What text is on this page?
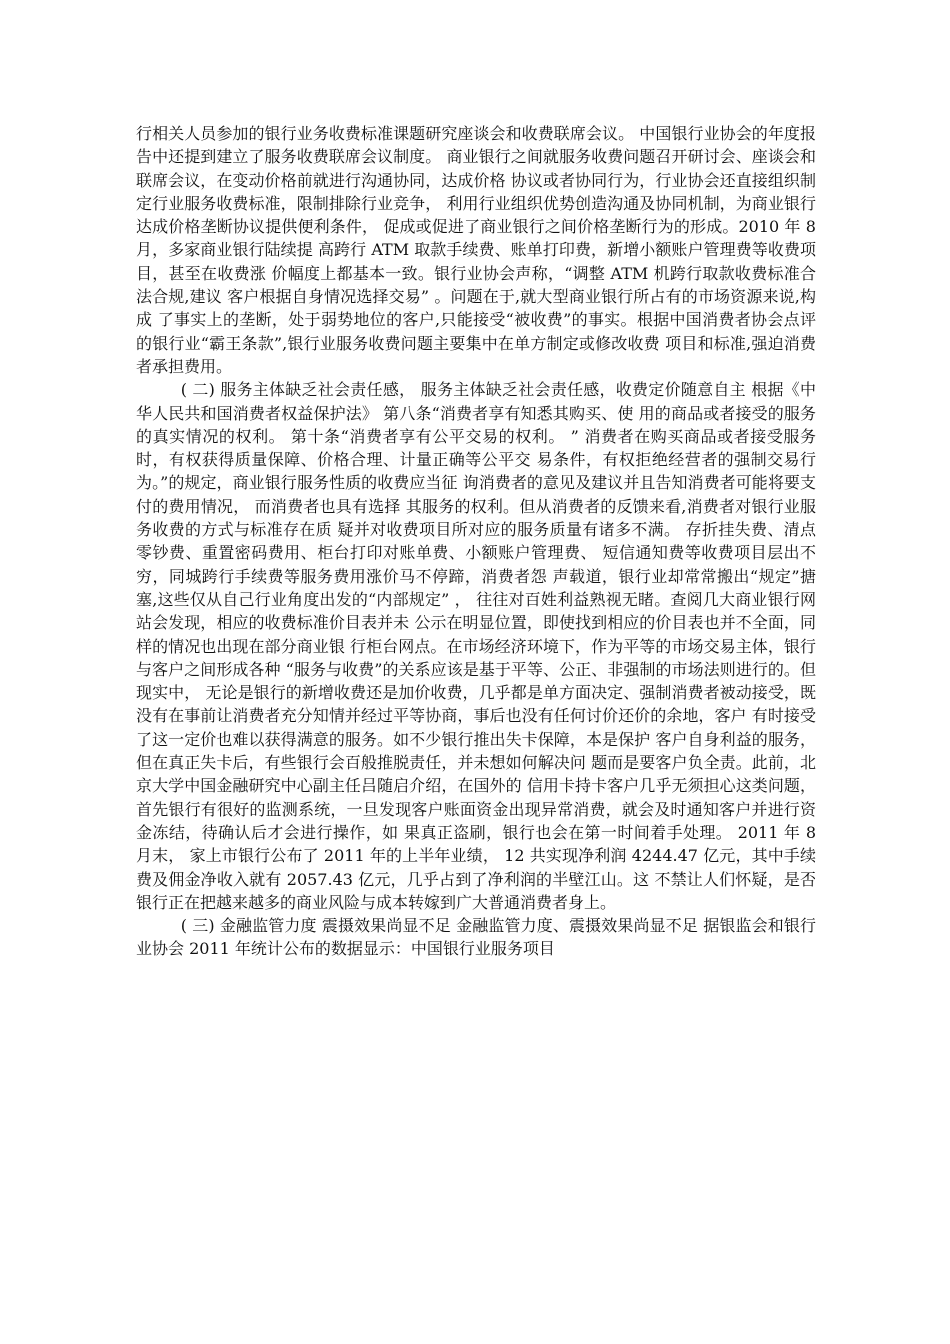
行相关人员参加的银行业务收费标准课题研究座谈会和收费联席会议。 中国银行业协会的年度报告中还提到建立了服务收费联席会议制度。 商业银行之间就服务收费问题召开研讨会、座谈会和联席会议，在变动价格前就进行沟通协同，达成价格 协议或者协同行为，行业协会还直接组织制定行业服务收费标准，限制排除行业竞争， 利用行业组织优势创造沟通及协同机制，为商业银行达成价格垄断协议提供便利条件， 促成或促进了商业银行之间价格垄断行为的形成。2010 年 8 月，多家商业银行陆续提 高跨行 ATM 取款手续费、账单打印费，新增小额账户管理费等收费项目，甚至在收费涨 价幅度上都基本一致。银行业协会声称，“调整 ATM 机跨行取款收费标准合法合规,建议 客户根据自身情况选择交易” 。问题在于,就大型商业银行所占有的市场资源来说,构成 了事实上的垄断，处于弱势地位的客户,只能接受“被收费”的事实。根据中国消费者协会点评的银行业“霸王条款”,银行业服务收费问题主要集中在单方制定或修改收费 项目和标准,强迫消费者承担费用。

( 二) 服务主体缺乏社会责任感， 服务主体缺乏社会责任感，收费定价随意自主 根据《中华人民共和国消费者权益保护法》 第八条“消费者享有知悉其购买、使 用的商品或者接受的服务的真实情况的权利。 第十条“消费者享有公平交易的权利。 ” 消费者在购买商品或者接受服务时，有权获得质量保障、价格合理、计量正确等公平交 易条件，有权拒绝经营者的强制交易行为。”的规定，商业银行服务性质的收费应当征 询消费者的意见及建议并且告知消费者可能将要支付的费用情况， 而消费者也具有选择 其服务的权利。但从消费者的反馈来看,消费者对银行业服务收费的方式与标准存在质 疑并对收费项目所对应的服务质量有诸多不满。 存折挂失费、清点零钞费、重置密码费用、柜台打印对账单费、小额账户管理费、 短信通知费等收费项目层出不穷，同城跨行手续费等服务费用涨价马不停蹄，消费者怨 声载道，银行业却常常搬出“规定”搪塞,这些仅从自己行业角度出发的“内部规定” ， 往往对百姓利益熟视无睹。查阅几大商业银行网站会发现，相应的收费标准价目表并未 公示在明显位置，即使找到相应的价目表也并不全面，同样的情况也出现在部分商业银 行柜台网点。在市场经济环境下，作为平等的市场交易主体，银行与客户之间形成各种 “服务与收费”的关系应该是基于平等、公正、非强制的市场法则进行的。但现实中， 无论是银行的新增收费还是加价收费，几乎都是单方面决定、强制消费者被动接受，既 没有在事前让消费者充分知情并经过平等协商，事后也没有任何讨价还价的余地，客户 有时接受了这一定价也难以获得满意的服务。如不少银行推出失卡保障，本是保护 客户自身利益的服务，但在真正失卡后，有些银行会百般推脱责任，并未想如何解决问 题而是要客户负全责。此前，北京大学中国金融研究中心副主任吕随启介绍，在国外的 信用卡持卡客户几乎无须担心这类问题，首先银行有很好的监测系统，一旦发现客户账面资金出现异常消费，就会及时通知客户并进行资金冻结，待确认后才会进行操作，如 果真正盗刷，银行也会在第一时间着手处理。 2011 年 8 月末， 家上市银行公布了 2011 年的上半年业绩， 12 共实现净利润 4244.47 亿元，其中手续费及佣金净收入就有 2057.43 亿元，几乎占到了净利润的半壁江山。这 不禁让人们怀疑，是否银行正在把越来越多的商业风险与成本转嫁到广大普通消费者身上。

( 三) 金融监管力度 震摄效果尚显不足 金融监管力度、震摄效果尚显不足 据银监会和银行业协会 2011 年统计公布的数据显示：中国银行业服务项目
